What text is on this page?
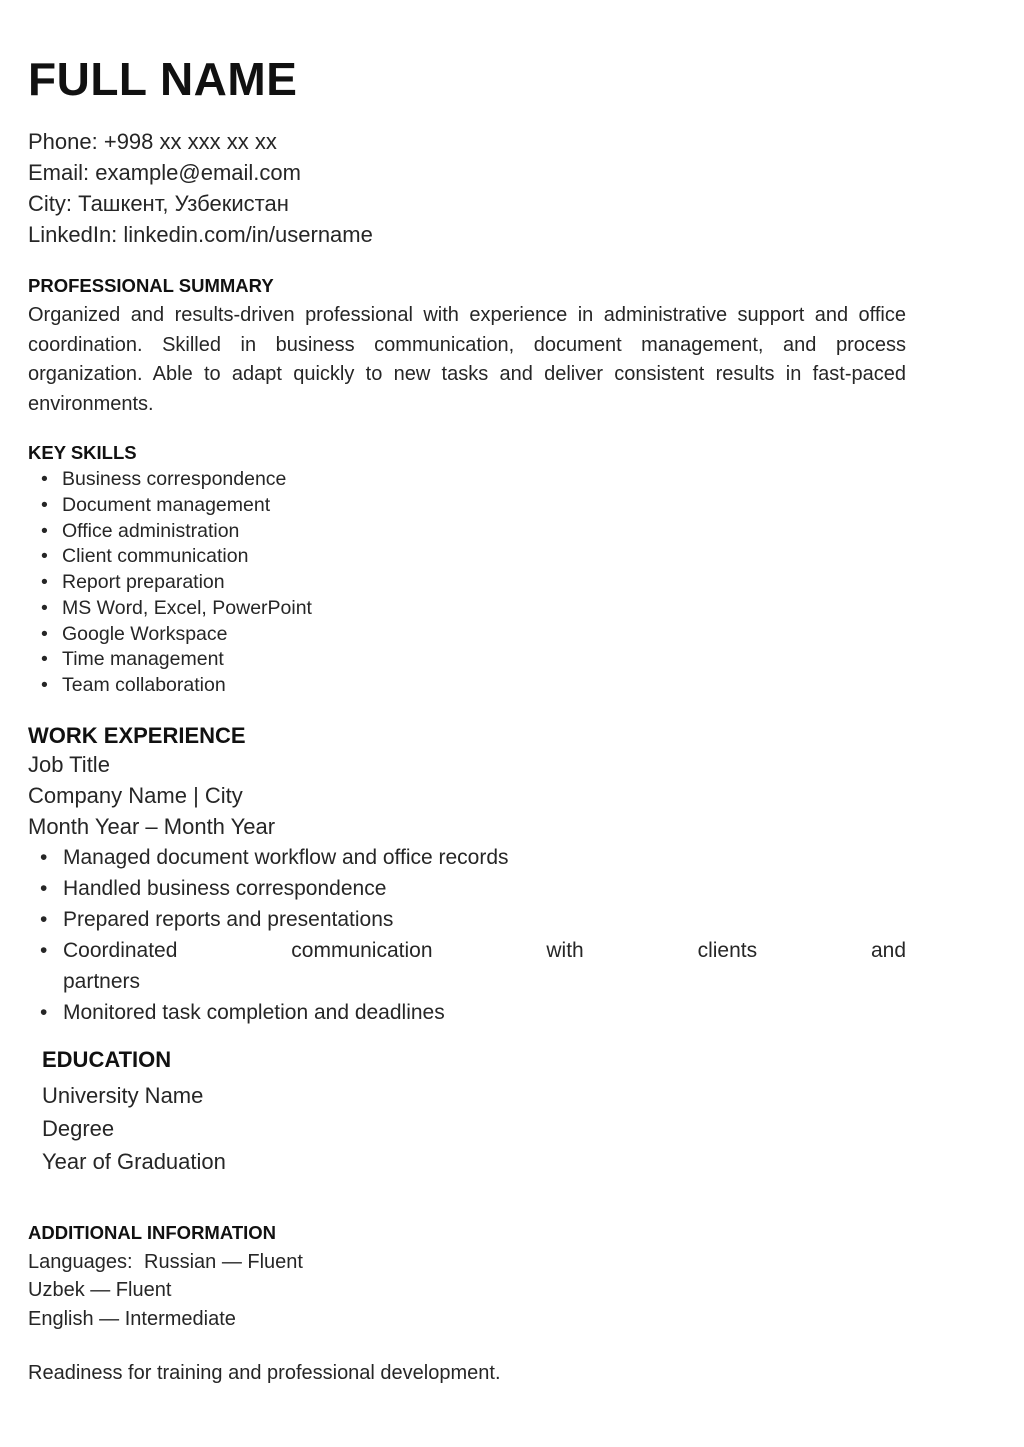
FULL NAME

Phone: +998 xx xxx xx xx

Email: example@email.com

City: Ташкент, Узбекистан

LinkedIn: linkedin.com/in/username

PROFESSIONAL SUMMARY

Organized and results-driven professional with experience in administrative support and office coordination. Skilled in business communication, document management, and process organization. Able to adapt quickly to new tasks and deliver consistent results in fast-paced environments.

KEY SKILLS
• Business correspondence
• Document management
• Office administration
• Client communication
• Report preparation
• MS Word, Excel, PowerPoint
• Google Workspace
• Time management
• Team collaboration
WORK EXPERIENCE

Job Title

Company Name | City

Month Year – Month Year

• Managed document workflow and office records
• Handled business correspondence
• Prepared reports and presentations
• Coordinated communication with clients andpartners
• Monitored task completion and deadlines
EDUCATION

University Name

Degree

Year of Graduation

ADDITIONAL INFORMATION

Languages: Russian — Fluent

Uzbek — Fluent

English — Intermediate

Readiness for training and professional development.
